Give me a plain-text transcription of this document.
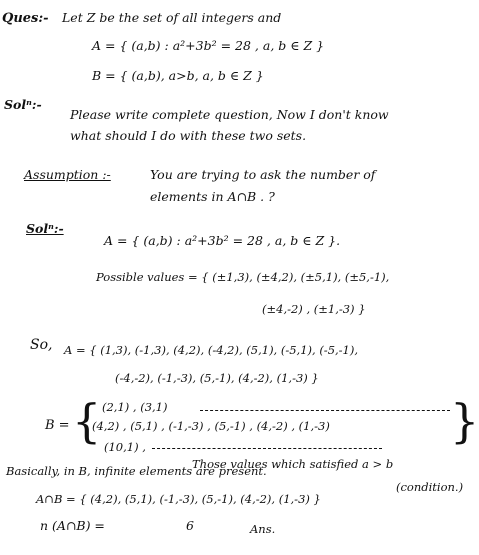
Ques:- Let Z be the set of all integers and
A = { (a,b) : a²+3b² = 28 , a, b ∈ Z }
B = { (a,b), a>b, a, b ∈ Z }
Solⁿ:-
Please write complete question, Now I don't know
what should I do with these two sets.
Assumption :-	You are trying to ask the number of
elements in A∩B . ?
Solⁿ:-
A = { (a,b) : a²+3b² = 28 , a, b ∈ Z }.
Possible values = { (±1,3), (±4,2), (±5,1), (±5,-1),
(±4,-2) , (±1,-3) }
So, A = { (1,3), (-1,3), (4,2), (-4,2), (5,1), (-5,1), (-5,-1),
(-4,-2), (-1,-3), (5,-1), (4,-2), (1,-3) }
B = { (2,1) , (3,1)
(4,2) , (5,1) , (-1,-3) , (5,-1) , (4,-2) , (1,-3)	}
(10,1) ,
Those values which satisfied a > b
Basically, in B, infinite elements are present.
(condition.)
A∩B = { (4,2), (5,1), (-1,-3), (5,-1), (4,-2), (1,-3) }
n (A∩B) =	6	Ans.
